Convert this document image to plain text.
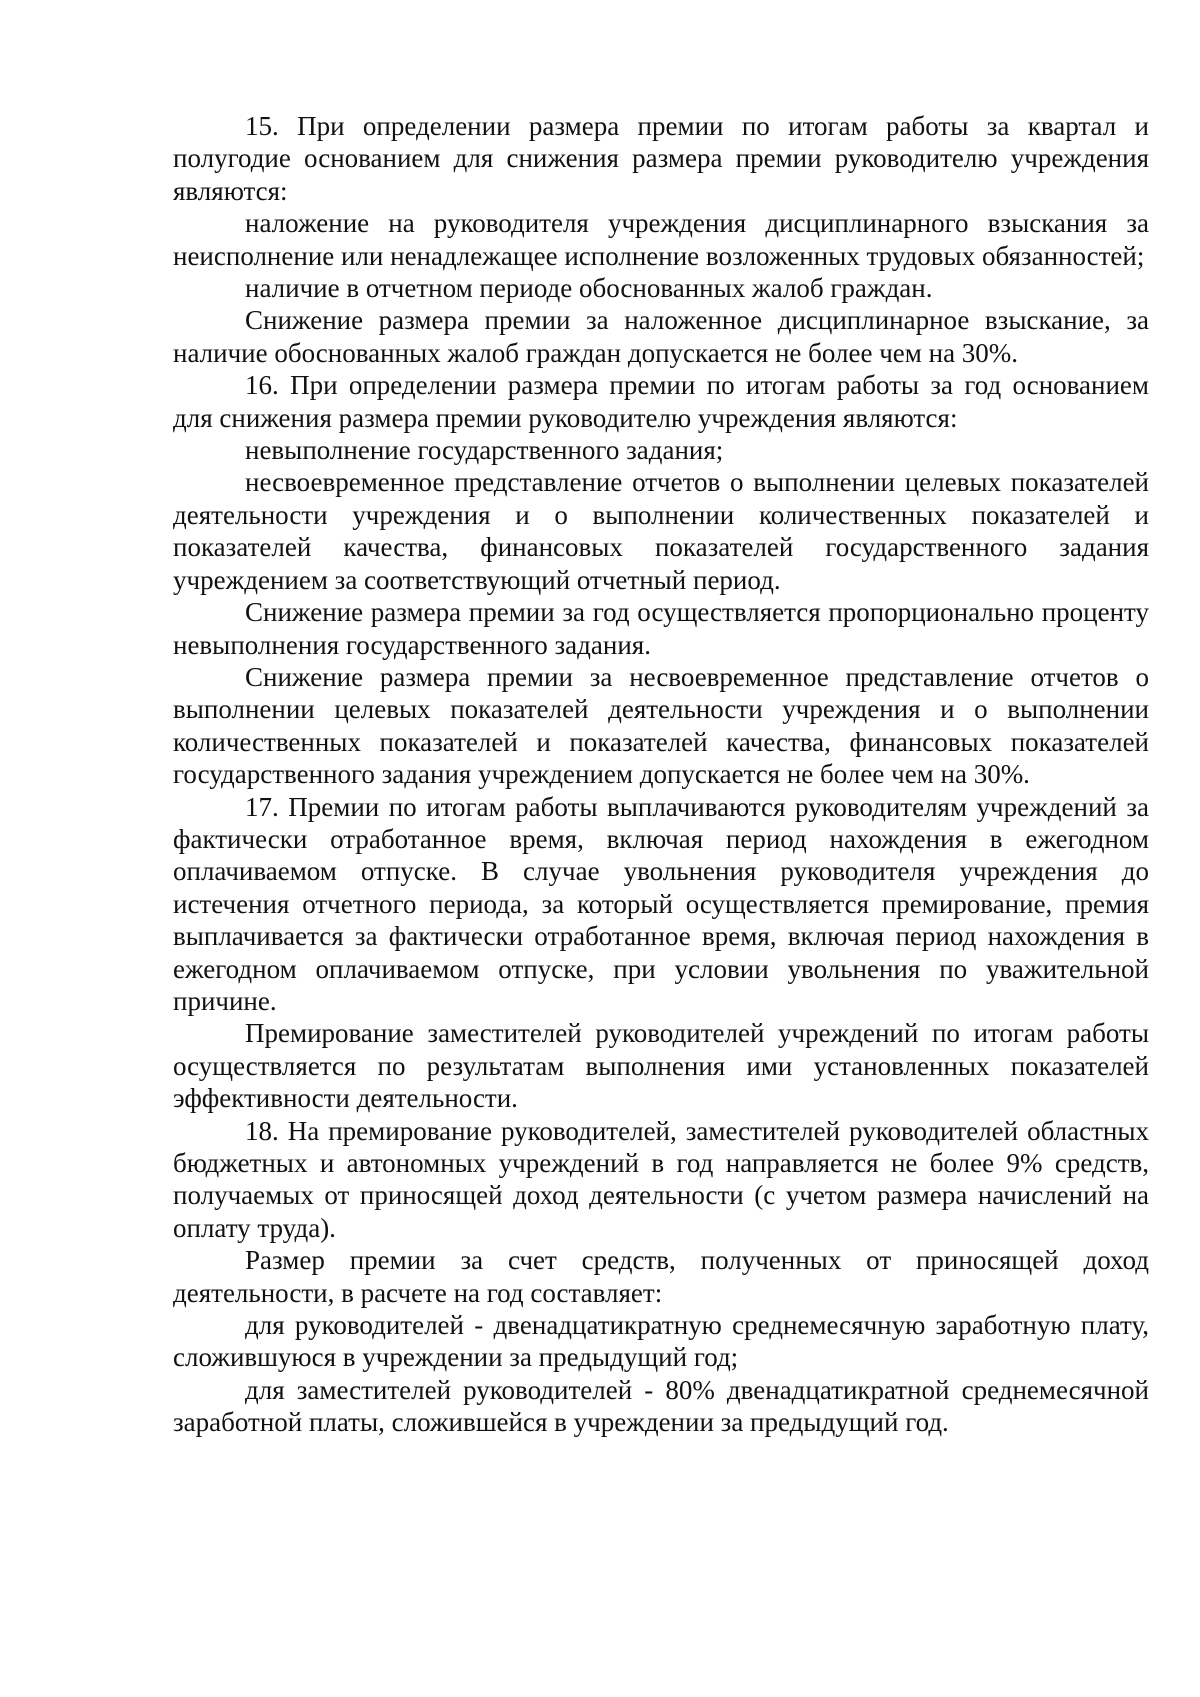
15. При определении размера премии по итогам работы за квартал и полугодие основанием для снижения размера премии руководителю учреждения являются:

наложение на руководителя учреждения дисциплинарного взыскания за неисполнение или ненадлежащее исполнение возложенных трудовых обязанностей;

наличие в отчетном периоде обоснованных жалоб граждан.

Снижение размера премии за наложенное дисциплинарное взыскание, за наличие обоснованных жалоб граждан допускается не более чем на 30%.

16. При определении размера премии по итогам работы за год основанием для снижения размера премии руководителю учреждения являются:

невыполнение государственного задания;

несвоевременное представление отчетов о выполнении целевых показателей деятельности учреждения и о выполнении количественных показателей и показателей качества, финансовых показателей государственного задания учреждением за соответствующий отчетный период.

Снижение размера премии за год осуществляется пропорционально проценту невыполнения государственного задания.

Снижение размера премии за несвоевременное представление отчетов о выполнении целевых показателей деятельности учреждения и о выполнении количественных показателей и показателей качества, финансовых показателей государственного задания учреждением допускается не более чем на 30%.

17. Премии по итогам работы выплачиваются руководителям учреждений за фактически отработанное время, включая период нахождения в ежегодном оплачиваемом отпуске. В случае увольнения руководителя учреждения до истечения отчетного периода, за который осуществляется премирование, премия выплачивается за фактически отработанное время, включая период нахождения в ежегодном оплачиваемом отпуске, при условии увольнения по уважительной причине.

Премирование заместителей руководителей учреждений по итогам работы осуществляется по результатам выполнения ими установленных показателей эффективности деятельности.

18. На премирование руководителей, заместителей руководителей областных бюджетных и автономных учреждений в год направляется не более 9% средств, получаемых от приносящей доход деятельности (с учетом размера начислений на оплату труда).

Размер премии за счет средств, полученных от приносящей доход деятельности, в расчете на год составляет:

для руководителей - двенадцатикратную среднемесячную заработную плату, сложившуюся в учреждении за предыдущий год;

для заместителей руководителей - 80% двенадцатикратной среднемесячной заработной платы, сложившейся в учреждении за предыдущий год.
